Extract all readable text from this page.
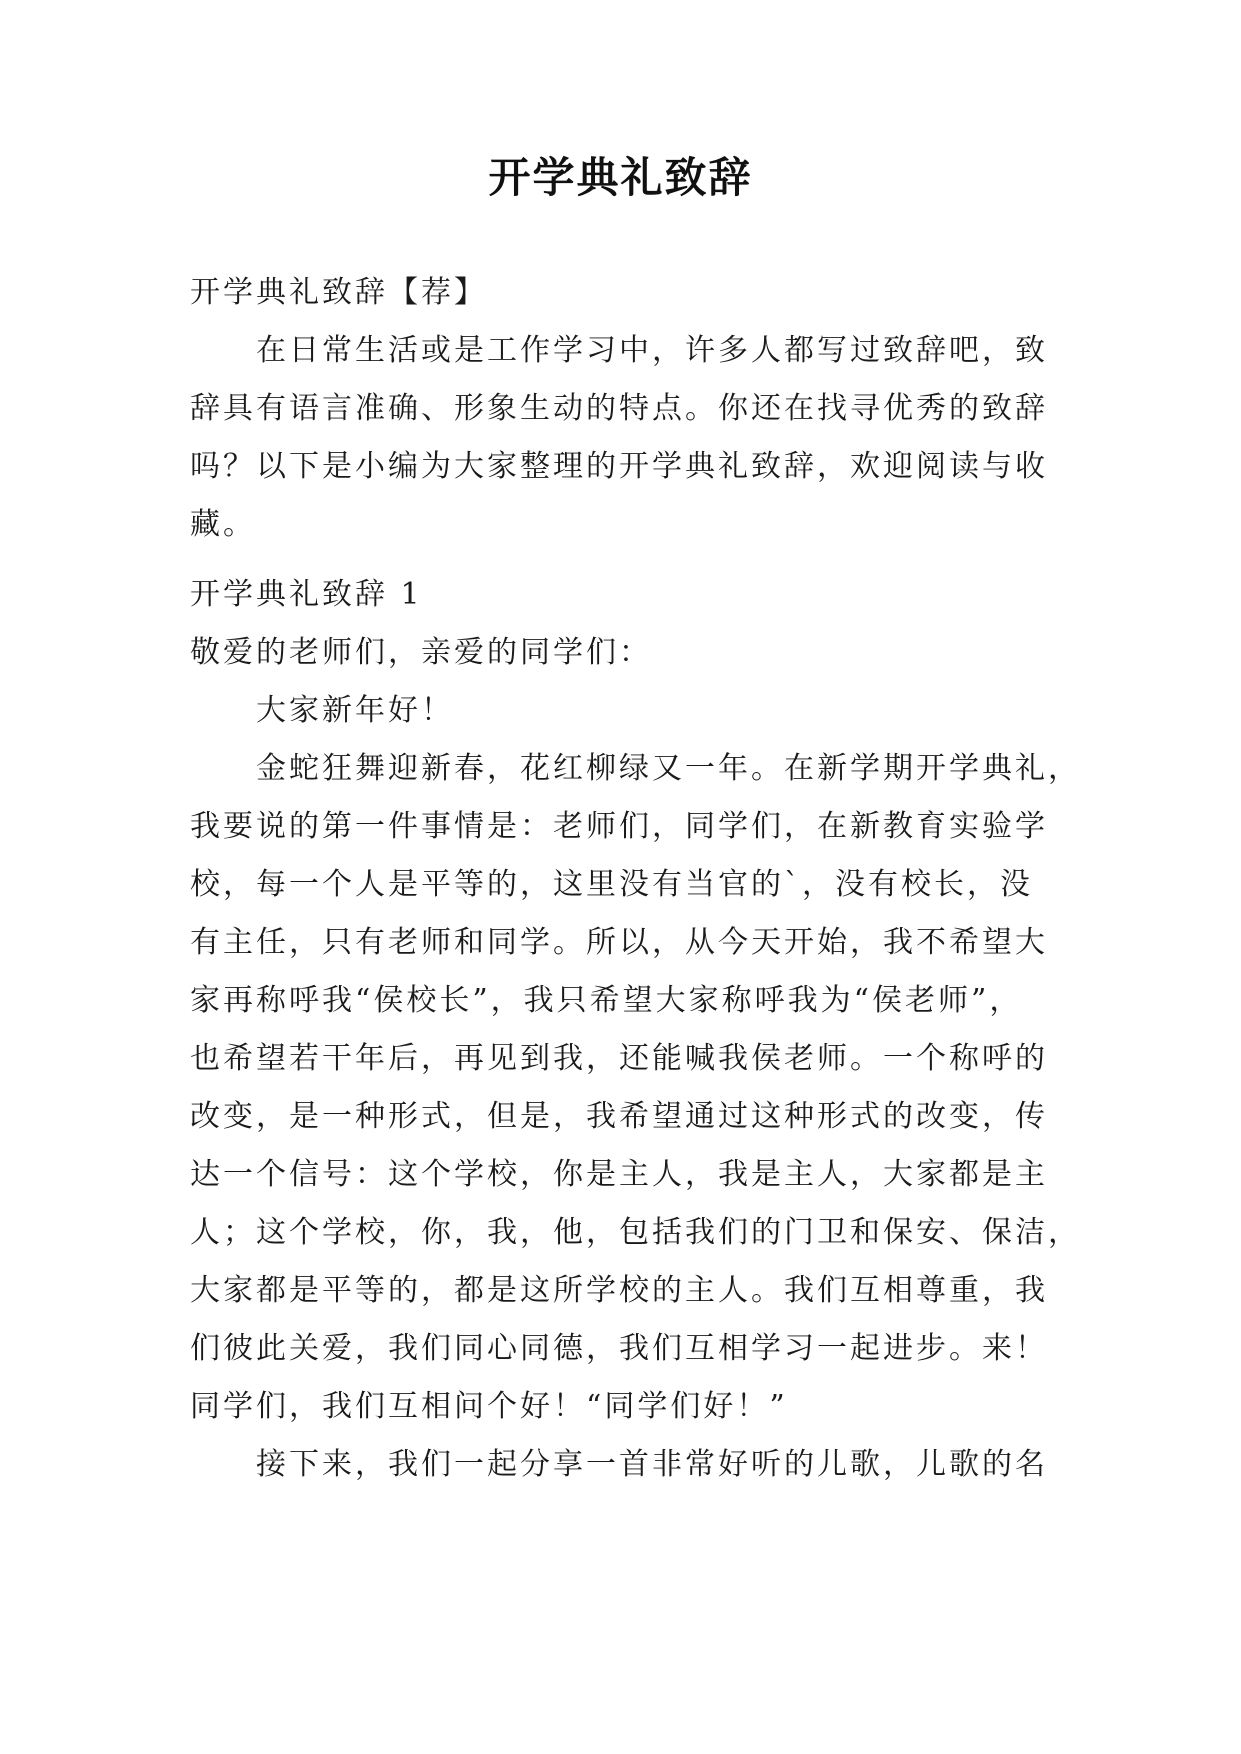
开学典礼致辞
开学典礼致辞【荐】
在日常生活或是工作学习中，许多人都写过致辞吧，致
辞具有语言准确、形象生动的特点。你还在找寻优秀的致辞
吗？以下是小编为大家整理的开学典礼致辞，欢迎阅读与收
藏。
开学典礼致辞 1
敬爱的老师们，亲爱的同学们：
大家新年好！
金蛇狂舞迎新春，花红柳绿又一年。在新学期开学典礼，
我要说的第一件事情是：老师们，同学们，在新教育实验学
校，每一个人是平等的，这里没有当官的`，没有校长，没
有主任，只有老师和同学。所以，从今天开始，我不希望大
家再称呼我“侯校长”，我只希望大家称呼我为“侯老师”，
也希望若干年后，再见到我，还能喊我侯老师。一个称呼的
改变，是一种形式，但是，我希望通过这种形式的改变，传
达一个信号：这个学校，你是主人，我是主人，大家都是主
人；这个学校，你，我，他，包括我们的门卫和保安、保洁，
大家都是平等的，都是这所学校的主人。我们互相尊重，我
们彼此关爱，我们同心同德，我们互相学习一起进步。来！
同学们，我们互相问个好！“同学们好！”
接下来，我们一起分享一首非常好听的儿歌，儿歌的名
